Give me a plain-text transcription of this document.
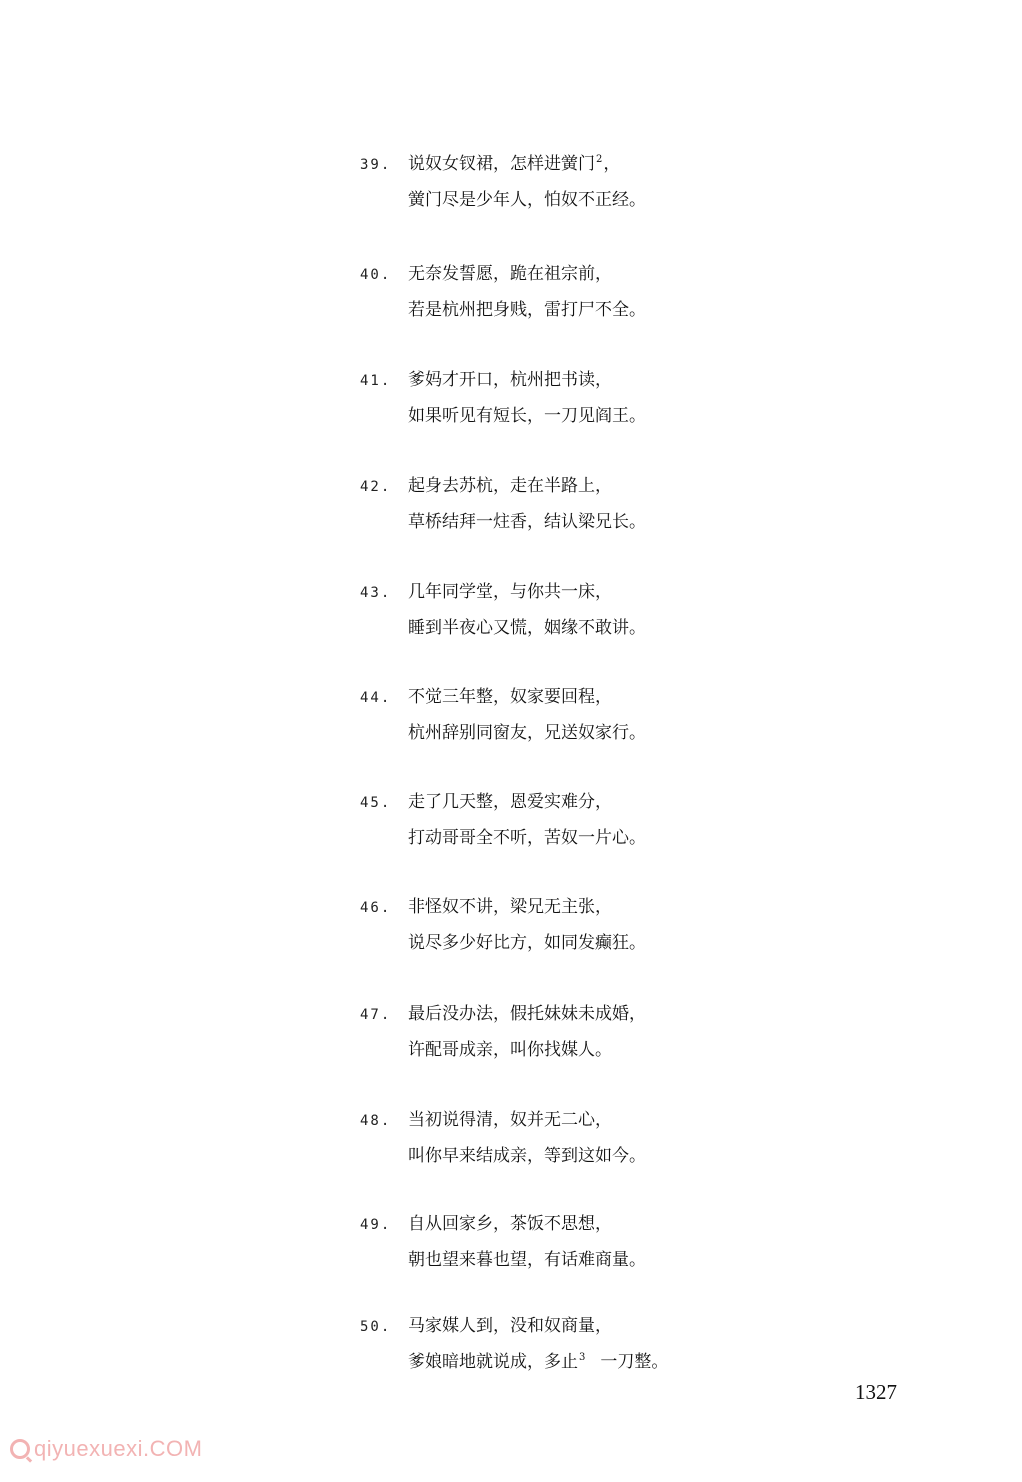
39. 说奴女钗裙，怎样进黉门$^2$，
黉门尽是少年人，怕奴不正经。
40. 无奈发誓愿，跪在祖宗前，
若是杭州把身贱，雷打尸不全。
41. 爹妈才开口，杭州把书读，
如果听见有短长，一刀见阎王。
42. 起身去苏杭，走在半路上，
草桥结拜一炷香，结认梁兄长。
43. 几年同学堂，与你共一床，
睡到半夜心又慌，姻缘不敢讲。
44. 不觉三年整，奴家要回程，
杭州辞别同窗友，兄送奴家行。
45. 走了几天整，恩爱实难分，
打动哥哥全不听，苦奴一片心。
46. 非怪奴不讲，梁兄无主张，
说尽多少好比方，如同发癫狂。
47. 最后没办法，假托妹妹未成婚，
许配哥成亲，叫你找媒人。
48. 当初说得清，奴并无二心，
叫你早来结成亲，等到这如今。
49. 自从回家乡，茶饭不思想，
朝也望来暮也望，有话难商量。
50. 马家媒人到，没和奴商量，
爹娘暗地就说成，多止$^3$ 一刀整。
1327
qiyuexuexi.COM
